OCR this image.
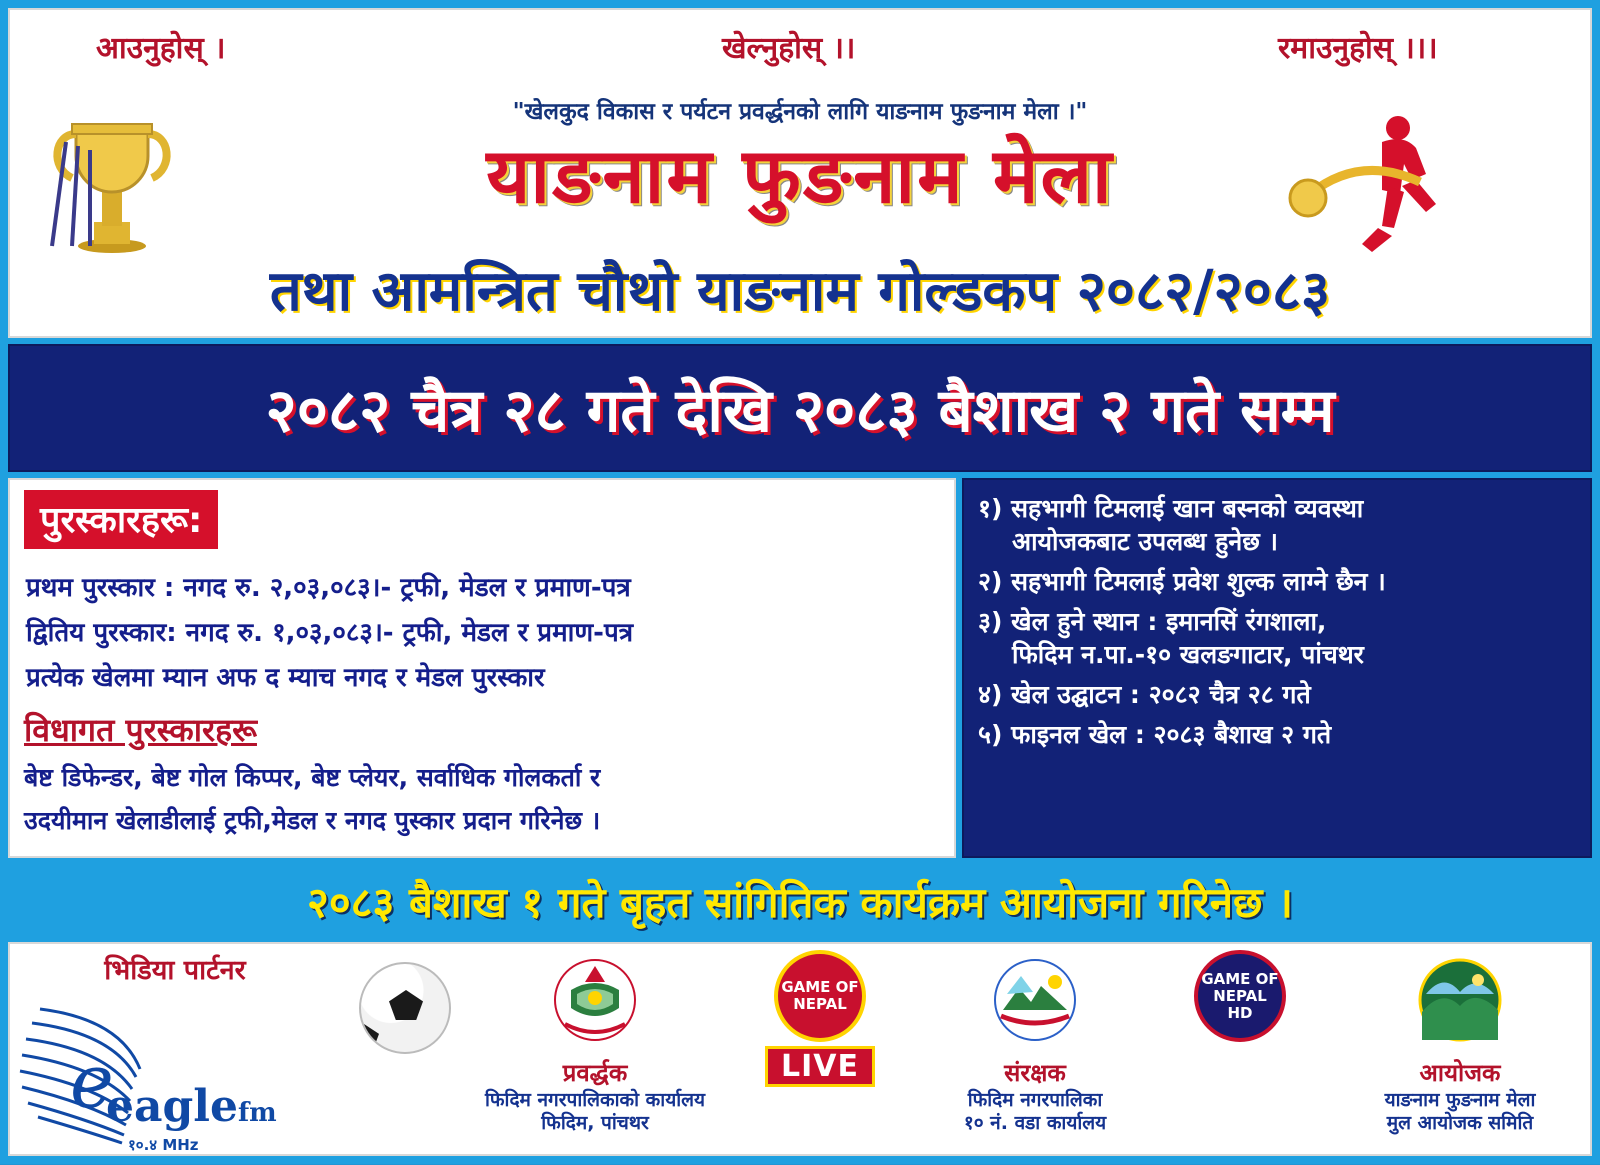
आउनुहोस् ।	खेल्नुहोस् ।।	रमाउनुहोस् ।।।
"खेलकुद विकास र पर्यटन प्रवर्द्धनको लागि याङनाम फुङनाम मेला ।"
याङनाम फुङनाम मेला
तथा आमन्त्रित चौथो याङनाम गोल्डकप २०८२/२०८३
२०८२ चैत्र २८ गते देखि २०८३ बैशाख २ गते सम्म
पुरस्कारहरू:
प्रथम पुरस्कार : नगद रु. २,०३,०८३।- ट्रफी, मेडल र प्रमाण-पत्र
द्वितिय पुरस्कार: नगद रु. १,०३,०८३।- ट्रफी, मेडल र प्रमाण-पत्र
प्रत्येक खेलमा म्यान अफ द म्याच नगद र मेडल पुरस्कार
विधागत पुरस्कारहरू
बेष्ट डिफेन्डर, बेष्ट गोल किप्पर, बेष्ट प्लेयर, सर्वाधिक गोलकर्ता र
उदयीमान खेलाडीलाई ट्रफी,मेडल र नगद पुस्कार प्रदान गरिनेछ ।
१) सहभागी टिमलाई खान बस्नको व्यवस्था
आयोजकबाट उपलब्ध हुनेछ ।
२) सहभागी टिमलाई प्रवेश शुल्क लाग्ने छैन ।
३) खेल हुने स्थान : इमानसिं रंगशाला,
फिदिम न.पा.-१० खलङगाटार, पांचथर
४) खेल उद्घाटन : २०८२ चैत्र २८ गते
५) फाइनल खेल : २०८३ बैशाख २ गते
२०८३ बैशाख १ गते बृहत सांगितिक कार्यक्रम आयोजना गरिनेछ ।
भिडिया पार्टनर
e
eaglefm
१०.४ MHz
प्रवर्द्धक
फिदिम नगरपालिकाको कार्यालय
फिदिम, पांचथर
GAME OF
NEPAL
LIVE	संरक्षक
फिदिम नगरपालिका
१० नं. वडा कार्यालय
GAME OF
NEPAL
HD
आयोजक
याङनाम फुङनाम मेला
मुल आयोजक समिति
